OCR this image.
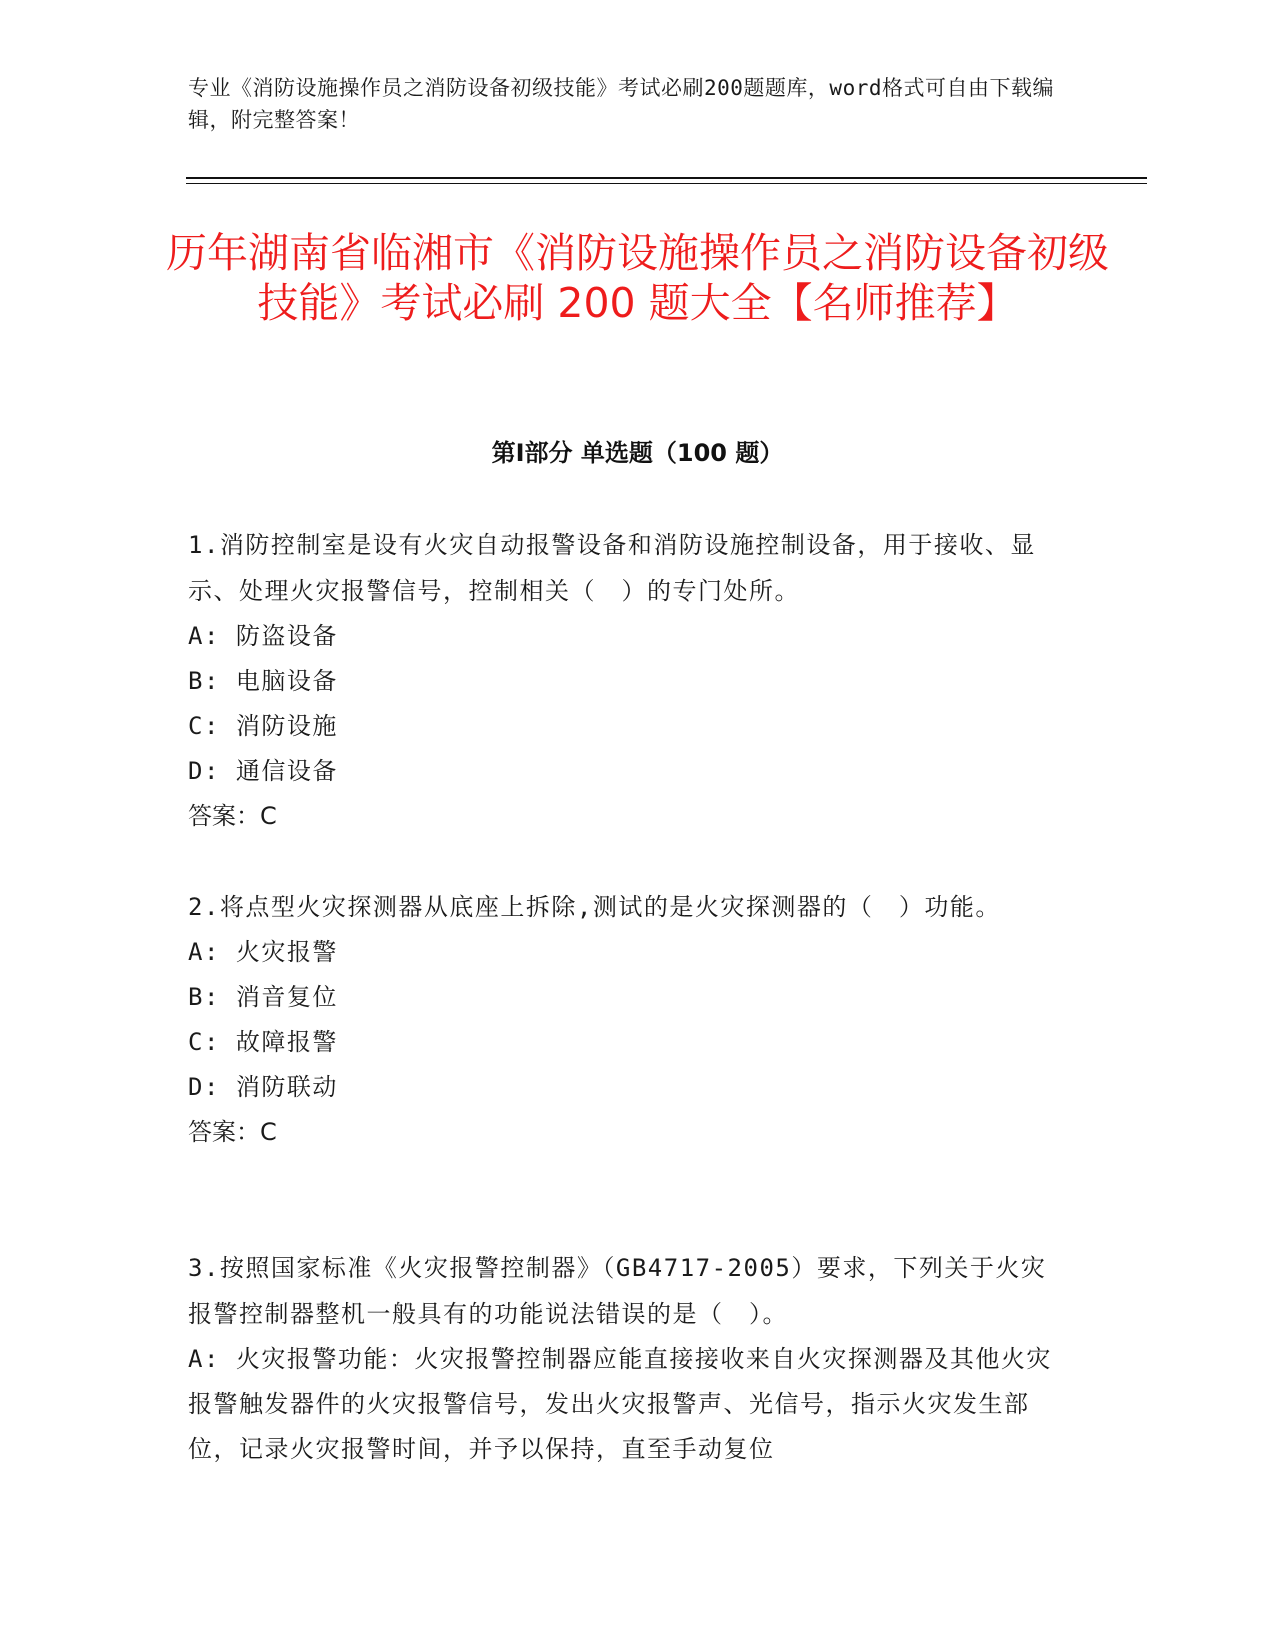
专业《消防设施操作员之消防设备初级技能》考试必刷200题题库，word格式可自由下载编辑，附完整答案！
历年湖南省临湘市《消防设施操作员之消防设备初级技能》考试必刷 200 题大全【名师推荐】
第Ⅰ部分 单选题（100 题）

1.消防控制室是设有火灾自动报警设备和消防设施控制设备，用于接收、显示、处理火灾报警信号，控制相关（　）的专门处所。

A: 防盗设备

B: 电脑设备

C: 消防设施

D: 通信设备

答案：C

2.将点型火灾探测器从底座上拆除,测试的是火灾探测器的（　）功能。

A: 火灾报警

B: 消音复位

C: 故障报警

D: 消防联动

答案：C

3.按照国家标准《火灾报警控制器》（GB4717-2005）要求，下列关于火灾报警控制器整机一般具有的功能说法错误的是（　）。

A: 火灾报警功能：火灾报警控制器应能直接接收来自火灾探测器及其他火灾报警触发器件的火灾报警信号，发出火灾报警声、光信号，指示火灾发生部位，记录火灾报警时间，并予以保持，直至手动复位
